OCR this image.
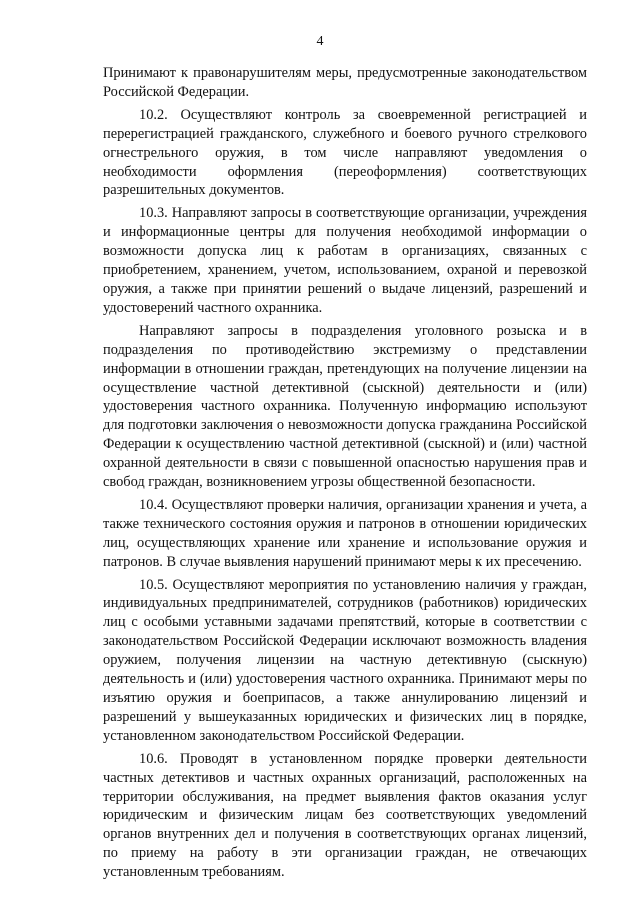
4

Принимают к правонарушителям меры, предусмотренные законодательством Российской Федерации.

10.2. Осуществляют контроль за своевременной регистрацией и перерегистрацией гражданского, служебного и боевого ручного стрелкового огнестрельного оружия, в том числе направляют уведомления о необходимости оформления (переоформления) соответствующих разрешительных документов.

10.3. Направляют запросы в соответствующие организации, учреждения и информационные центры для получения необходимой информации о возможности допуска лиц к работам в организациях, связанных с приобретением, хранением, учетом, использованием, охраной и перевозкой оружия, а также при принятии решений о выдаче лицензий, разрешений и удостоверений частного охранника.

Направляют запросы в подразделения уголовного розыска и в подразделения по противодействию экстремизму о представлении информации в отношении граждан, претендующих на получение лицензии на осуществление частной детективной (сыскной) деятельности и (или) удостоверения частного охранника. Полученную информацию используют для подготовки заключения о невозможности допуска гражданина Российской Федерации к осуществлению частной детективной (сыскной) и (или) частной охранной деятельности в связи с повышенной опасностью нарушения прав и свобод граждан, возникновением угрозы общественной безопасности.

10.4. Осуществляют проверки наличия, организации хранения и учета, а также технического состояния оружия и патронов в отношении юридических лиц, осуществляющих хранение или хранение и использование оружия и патронов. В случае выявления нарушений принимают меры к их пресечению.

10.5. Осуществляют мероприятия по установлению наличия у граждан, индивидуальных предпринимателей, сотрудников (работников) юридических лиц с особыми уставными задачами препятствий, которые в соответствии с законодательством Российской Федерации исключают возможность владения оружием, получения лицензии на частную детективную (сыскную) деятельность и (или) удостоверения частного охранника. Принимают меры по изъятию оружия и боеприпасов, а также аннулированию лицензий и разрешений у вышеуказанных юридических и физических лиц в порядке, установленном законодательством Российской Федерации.

10.6. Проводят в установленном порядке проверки деятельности частных детективов и частных охранных организаций, расположенных на территории обслуживания, на предмет выявления фактов оказания услуг юридическим и физическим лицам без соответствующих уведомлений органов внутренних дел и получения в соответствующих органах лицензий, по приему на работу в эти организации граждан, не отвечающих установленным требованиям.
